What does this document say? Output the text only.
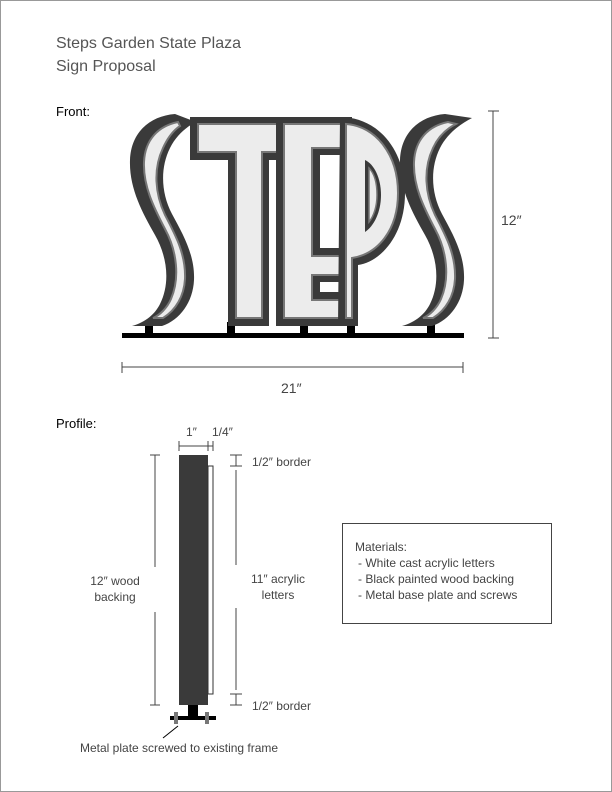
Steps Garden State Plaza
Sign Proposal
Front:
Profile:
12″
21″
1″ 1/4″
1/2″ border
1/2″ border
11″ acrylic
letters
12″ wood
backing
Metal plate screwed to existing frame
Materials:
- White cast acrylic letters
- Black painted wood backing
- Metal base plate and screws
